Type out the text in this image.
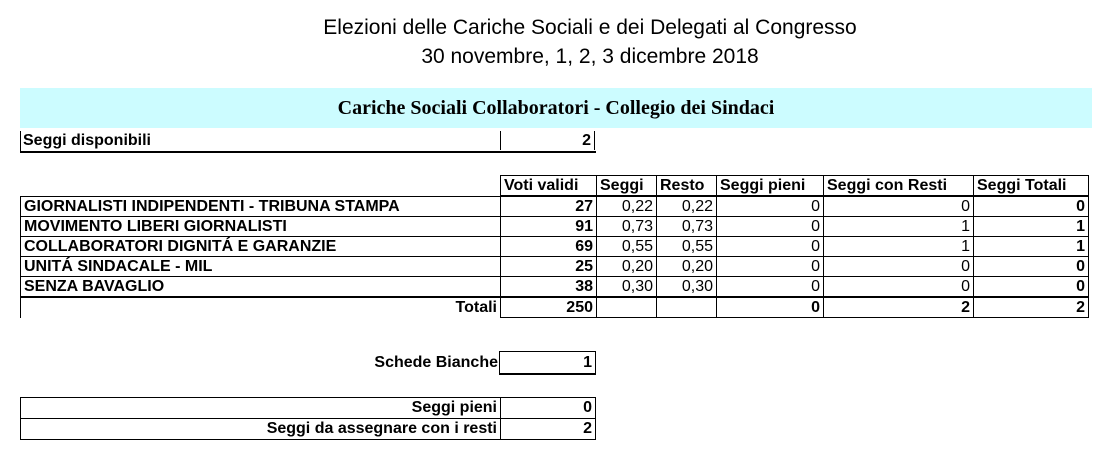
Elezioni delle Cariche Sociali e dei Delegati al Congresso
30 novembre, 1, 2, 3 dicembre 2018
Cariche Sociali Collaboratori - Collegio dei Sindaci
Seggi disponibili	2
	Voti validi	Seggi	Resto	Seggi pieni	Seggi con Resti	Seggi Totali
GIORNALISTI INDIPENDENTI - TRIBUNA STAMPA	27	0,22	0,22	0	0	0
MOVIMENTO LIBERI GIORNALISTI	91	0,73	0,73	0	1	1
COLLABORATORI DIGNITÁ E GARANZIE	69	0,55	0,55	0	1	1
UNITÁ SINDACALE - MIL	25	0,20	0,20	0	0	0
SENZA BAVAGLIO	38	0,30	0,30	0	0	0
Totali	250			0	2	2
Schede Bianche	1
Seggi pieni	0
Seggi da assegnare con i resti	2
